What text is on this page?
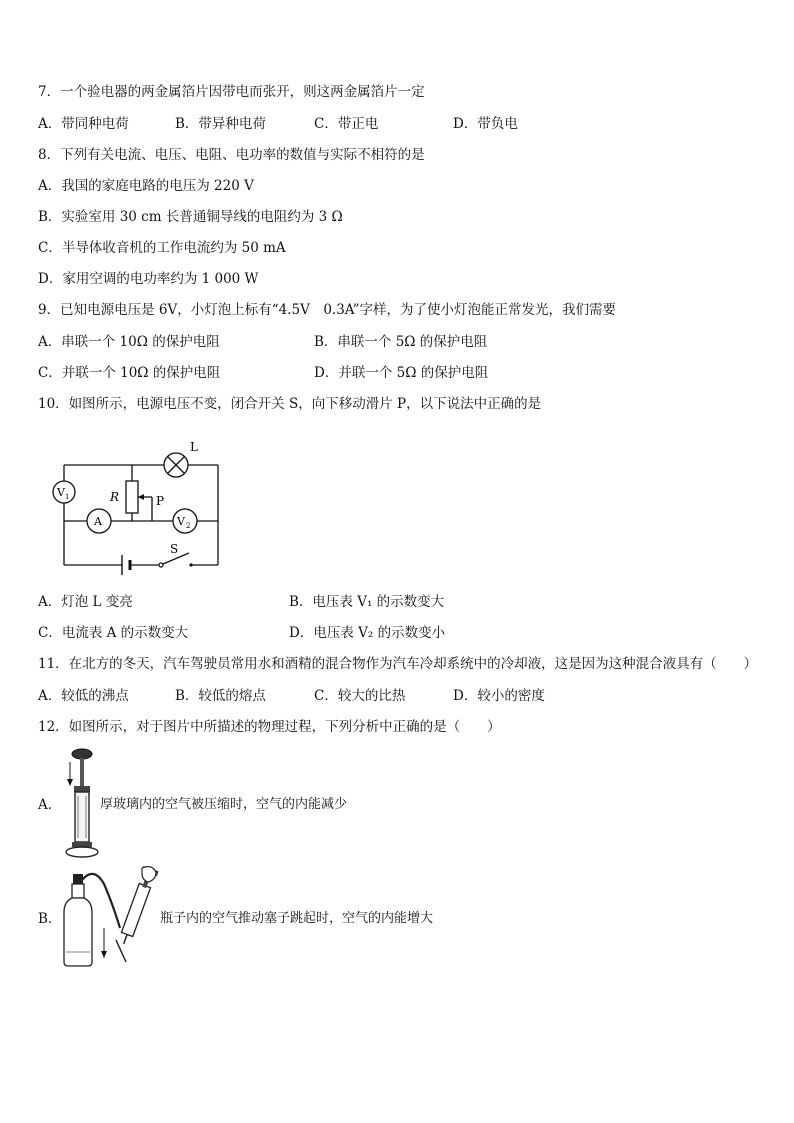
7．一个验电器的两金属箔片因带电而张开，则这两金属箔片一定
A．带同种电荷	B．带异种电荷	C．带正电	D．带负电
8．下列有关电流、电压、电阻、电功率的数值与实际不相符的是
A．我国的家庭电路的电压为 220 V
B．实验室用 30 cm 长普通铜导线的电阻约为 3 Ω
C．半导体收音机的工作电流约为 50 mA
D．家用空调的电功率约为 1 000 W
9．已知电源电压是 6V，小灯泡上标有“4.5V　0.3A”字样，为了使小灯泡能正常发光，我们需要
A．串联一个 10Ω 的保护电阻	B．串联一个 5Ω 的保护电阻
C．并联一个 10Ω 的保护电阻	D．并联一个 5Ω 的保护电阻
10．如图所示，电源电压不变，闭合开关 S，向下移动滑片 P，以下说法中正确的是
L
V 1	R	P
A	V 2
S
A．灯泡 L 变亮	B．电压表 V₁ 的示数变大
C．电流表 A 的示数变大	D．电压表 V₂ 的示数变小
11．在北方的冬天，汽车驾驶员常用水和酒精的混合物作为汽车冷却系统中的冷却液，这是因为这种混合液具有（　　）
A．较低的沸点	B．较低的熔点	C．较大的比热	D．较小的密度
12．如图所示，对于图片中所描述的物理过程，下列分析中正确的是（　　）
A．	厚玻璃内的空气被压缩时，空气的内能减少
B．	瓶子内的空气推动塞子跳起时，空气的内能增大
